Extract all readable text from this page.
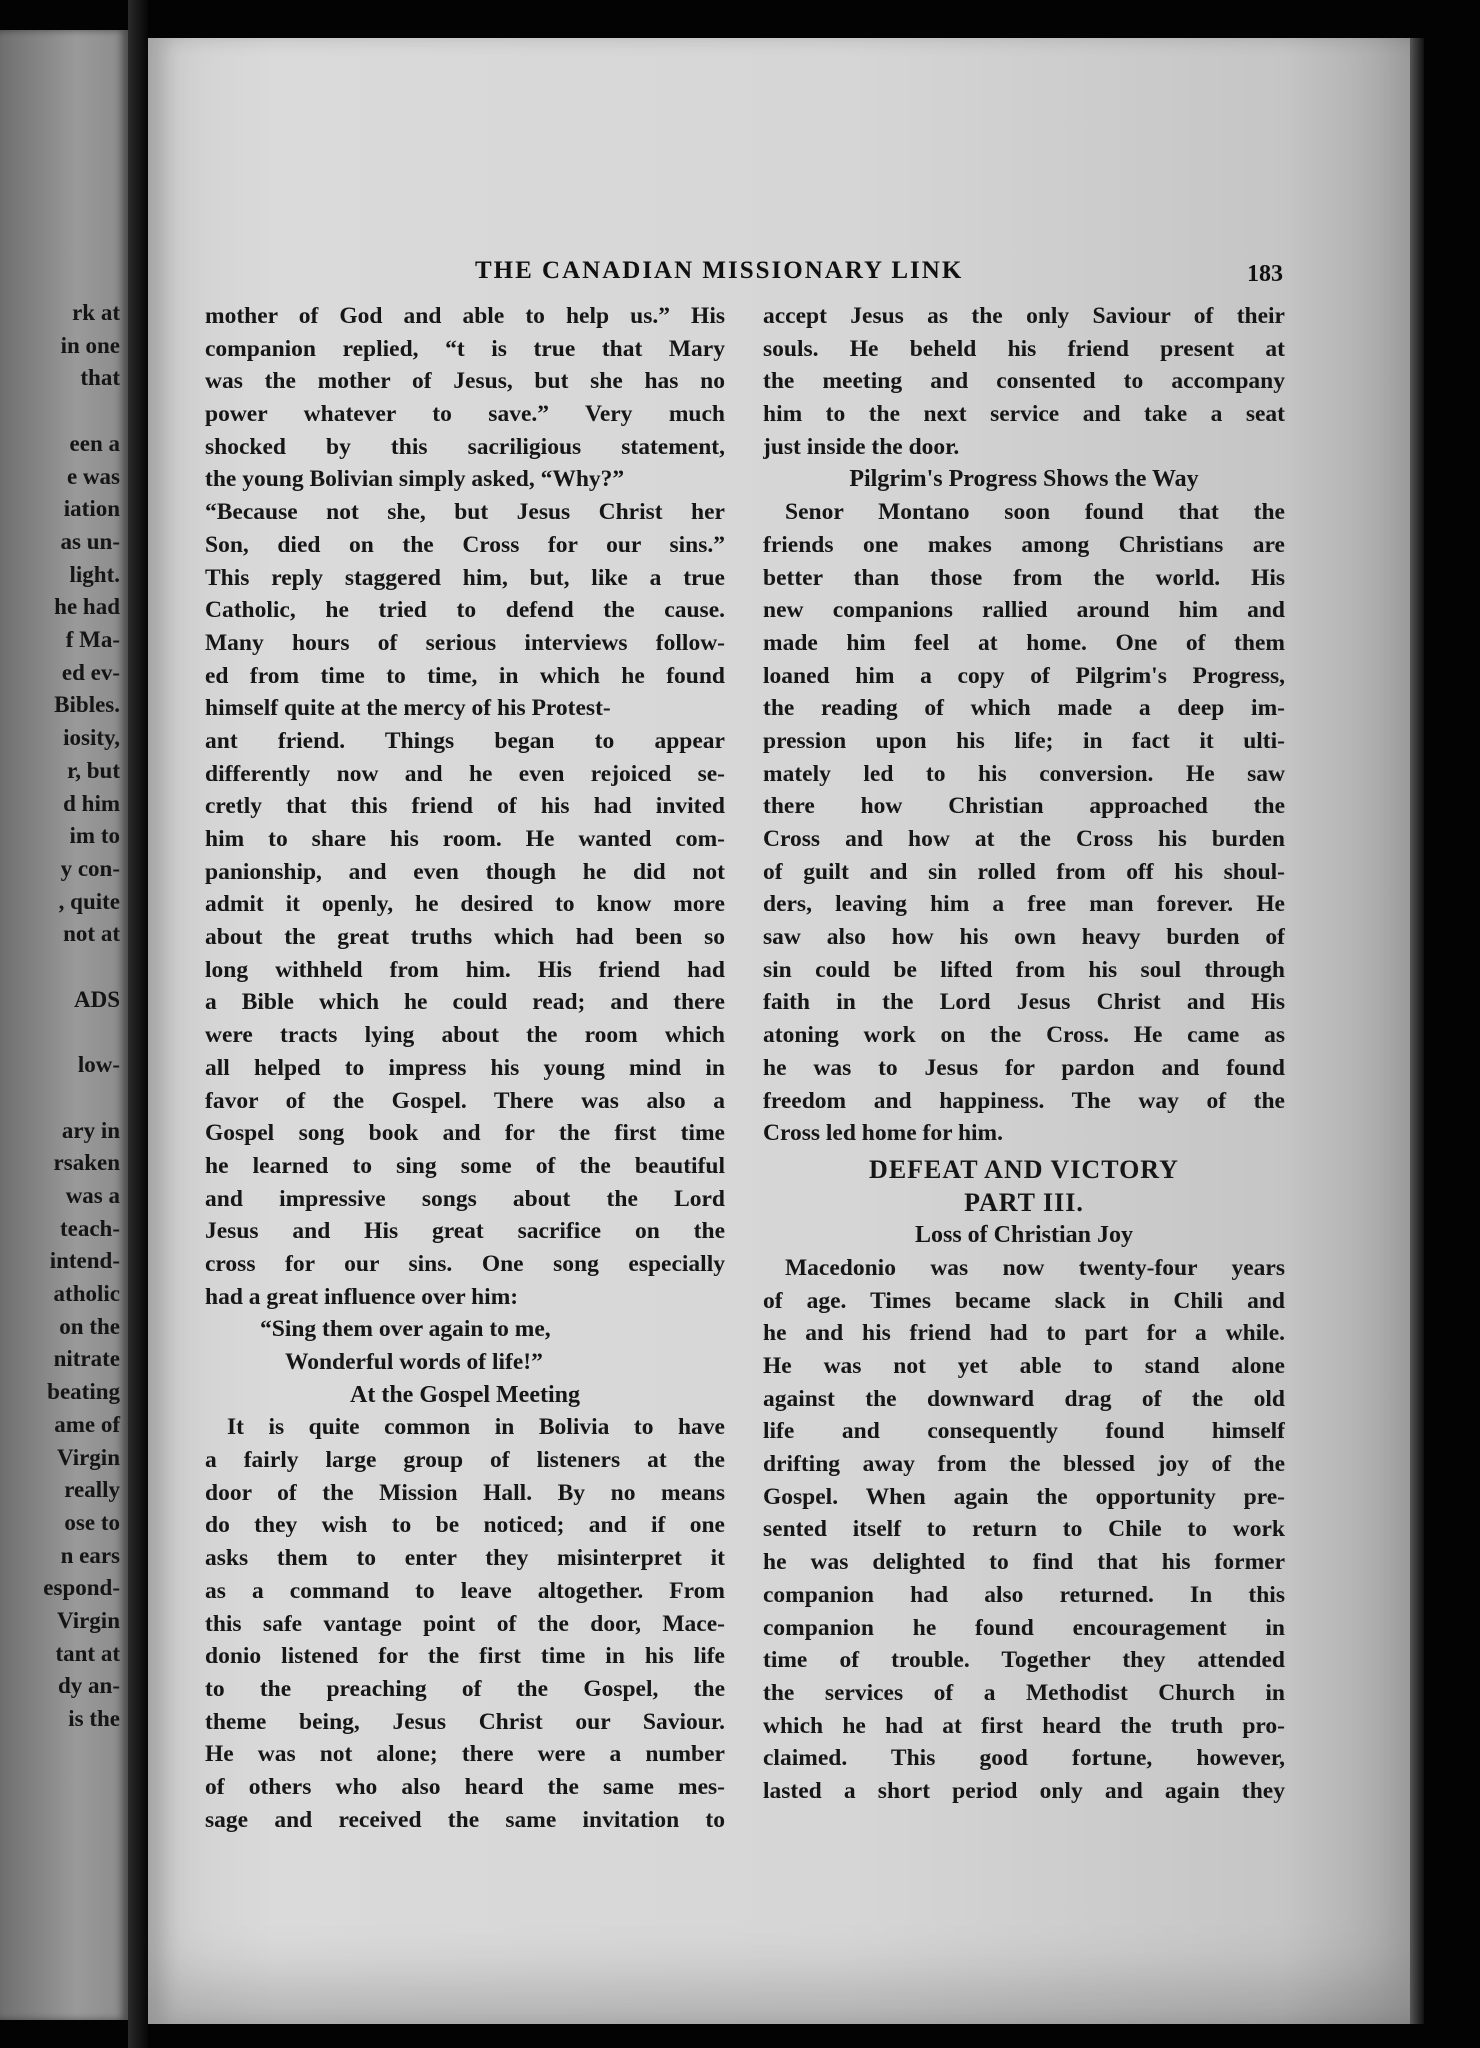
rk at
in one
that
een a
e was
iation
as un-
light.
he had
f Ma-
ed ev-
Bibles.
iosity,
r, but
d him
im to
y con-
, quite
not at
ADS
low-
ary in
rsaken
was a
teach-
intend-
atholic
on the
nitrate
beating
ame of
Virgin
really
ose to
n ears
espond-
Virgin
tant at
dy an-
is the
THE CANADIAN MISSIONARY LINK	183
mother of God and able to help us.” His
companion replied, “t is true that Mary
was the mother of Jesus, but she has no
power whatever to save.” Very much
shocked by this sacriligious statement,
the young Bolivian simply asked, “Why?”
“Because not she, but Jesus Christ her
Son, died on the Cross for our sins.”
This reply staggered him, but, like a true
Catholic, he tried to defend the cause.
Many hours of serious interviews follow-
ed from time to time, in which he found
himself quite at the mercy of his Protest-
ant friend. Things began to appear
differently now and he even rejoiced se-
cretly that this friend of his had invited
him to share his room. He wanted com-
panionship, and even though he did not
admit it openly, he desired to know more
about the great truths which had been so
long withheld from him. His friend had
a Bible which he could read; and there
were tracts lying about the room which
all helped to impress his young mind in
favor of the Gospel. There was also a
Gospel song book and for the first time
he learned to sing some of the beautiful
and impressive songs about the Lord
Jesus and His great sacrifice on the
cross for our sins. One song especially
had a great influence over him:
“Sing them over again to me,
Wonderful words of life!”
At the Gospel Meeting
It is quite common in Bolivia to have
a fairly large group of listeners at the
door of the Mission Hall. By no means
do they wish to be noticed; and if one
asks them to enter they misinterpret it
as a command to leave altogether. From
this safe vantage point of the door, Mace-
donio listened for the first time in his life
to the preaching of the Gospel, the
theme being, Jesus Christ our Saviour.
He was not alone; there were a number
of others who also heard the same mes-
sage and received the same invitation to
accept Jesus as the only Saviour of their
souls. He beheld his friend present at
the meeting and consented to accompany
him to the next service and take a seat
just inside the door.
Pilgrim's Progress Shows the Way
Senor Montano soon found that the
friends one makes among Christians are
better than those from the world. His
new companions rallied around him and
made him feel at home. One of them
loaned him a copy of Pilgrim's Progress,
the reading of which made a deep im-
pression upon his life; in fact it ulti-
mately led to his conversion. He saw
there how Christian approached the
Cross and how at the Cross his burden
of guilt and sin rolled from off his shoul-
ders, leaving him a free man forever. He
saw also how his own heavy burden of
sin could be lifted from his soul through
faith in the Lord Jesus Christ and His
atoning work on the Cross. He came as
he was to Jesus for pardon and found
freedom and happiness. The way of the
Cross led home for him.
DEFEAT AND VICTORY
PART III.
Loss of Christian Joy
Macedonio was now twenty-four years
of age. Times became slack in Chili and
he and his friend had to part for a while.
He was not yet able to stand alone
against the downward drag of the old
life and consequently found himself
drifting away from the blessed joy of the
Gospel. When again the opportunity pre-
sented itself to return to Chile to work
he was delighted to find that his former
companion had also returned. In this
companion he found encouragement in
time of trouble. Together they attended
the services of a Methodist Church in
which he had at first heard the truth pro-
claimed. This good fortune, however,
lasted a short period only and again they
